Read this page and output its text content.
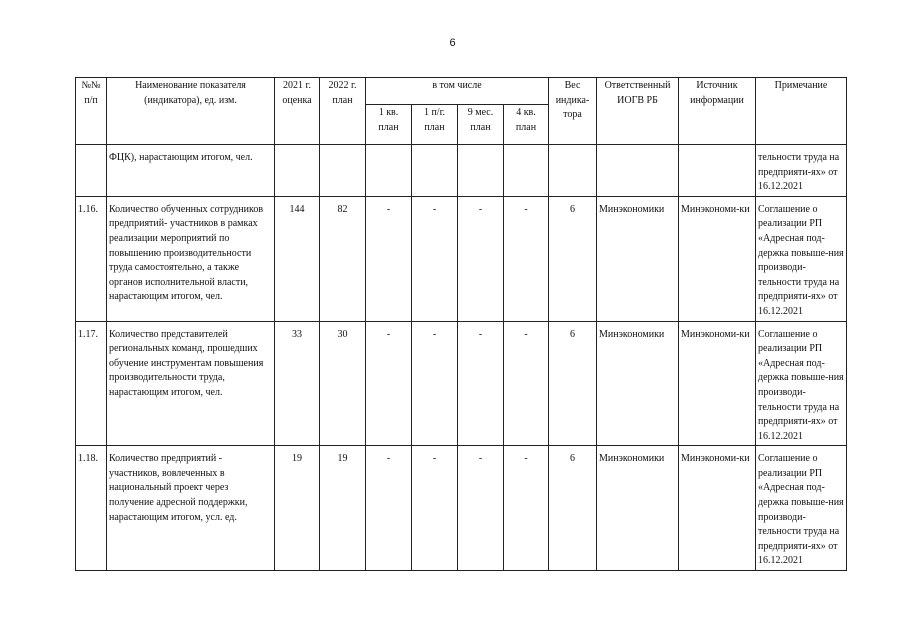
6
№№ п/п	Наименование показателя (индикатора), ед. изм.	2021 г. оценка	2022 г. план	в том числе				Вес индика-тора	Ответственный ИОГВ РБ	Источник информации	Примечание
				1 кв. план	1 п/г. план	9 мес. план	4 кв. план				
	ФЦК), нарастающим итогом, чел.										тельности труда на предприяти-ях» от 16.12.2021
1.16.	Количество обученных сотрудников предприятий- участников в рамках реализации мероприятий по повышению производительности труда самостоятельно, а также органов исполнительной власти, нарастающим итогом, чел.	144	82	-	-	-	-	6	Минэкономики	Минэкономи-ки	Соглашение о реализации РП «Адресная под-держка повыше-ния производи-тельности труда на предприяти-ях» от 16.12.2021
1.17.	Количество представителей региональных команд, прошедших обучение инструментам повышения производительности труда, нарастающим итогом, чел.	33	30	-	-	-	-	6	Минэкономики	Минэкономи-ки	Соглашение о реализации РП «Адресная под-держка повыше-ния производи-тельности труда на предприяти-ях» от 16.12.2021
1.18.	Количество предприятий - участников, вовлеченных в национальный проект через получение адресной поддержки, нарастающим итогом, усл. ед.	19	19	-	-	-	-	6	Минэкономики	Минэкономи-ки	Соглашение о реализации РП «Адресная под-держка повыше-ния производи-тельности труда на предприяти-ях» от 16.12.2021
